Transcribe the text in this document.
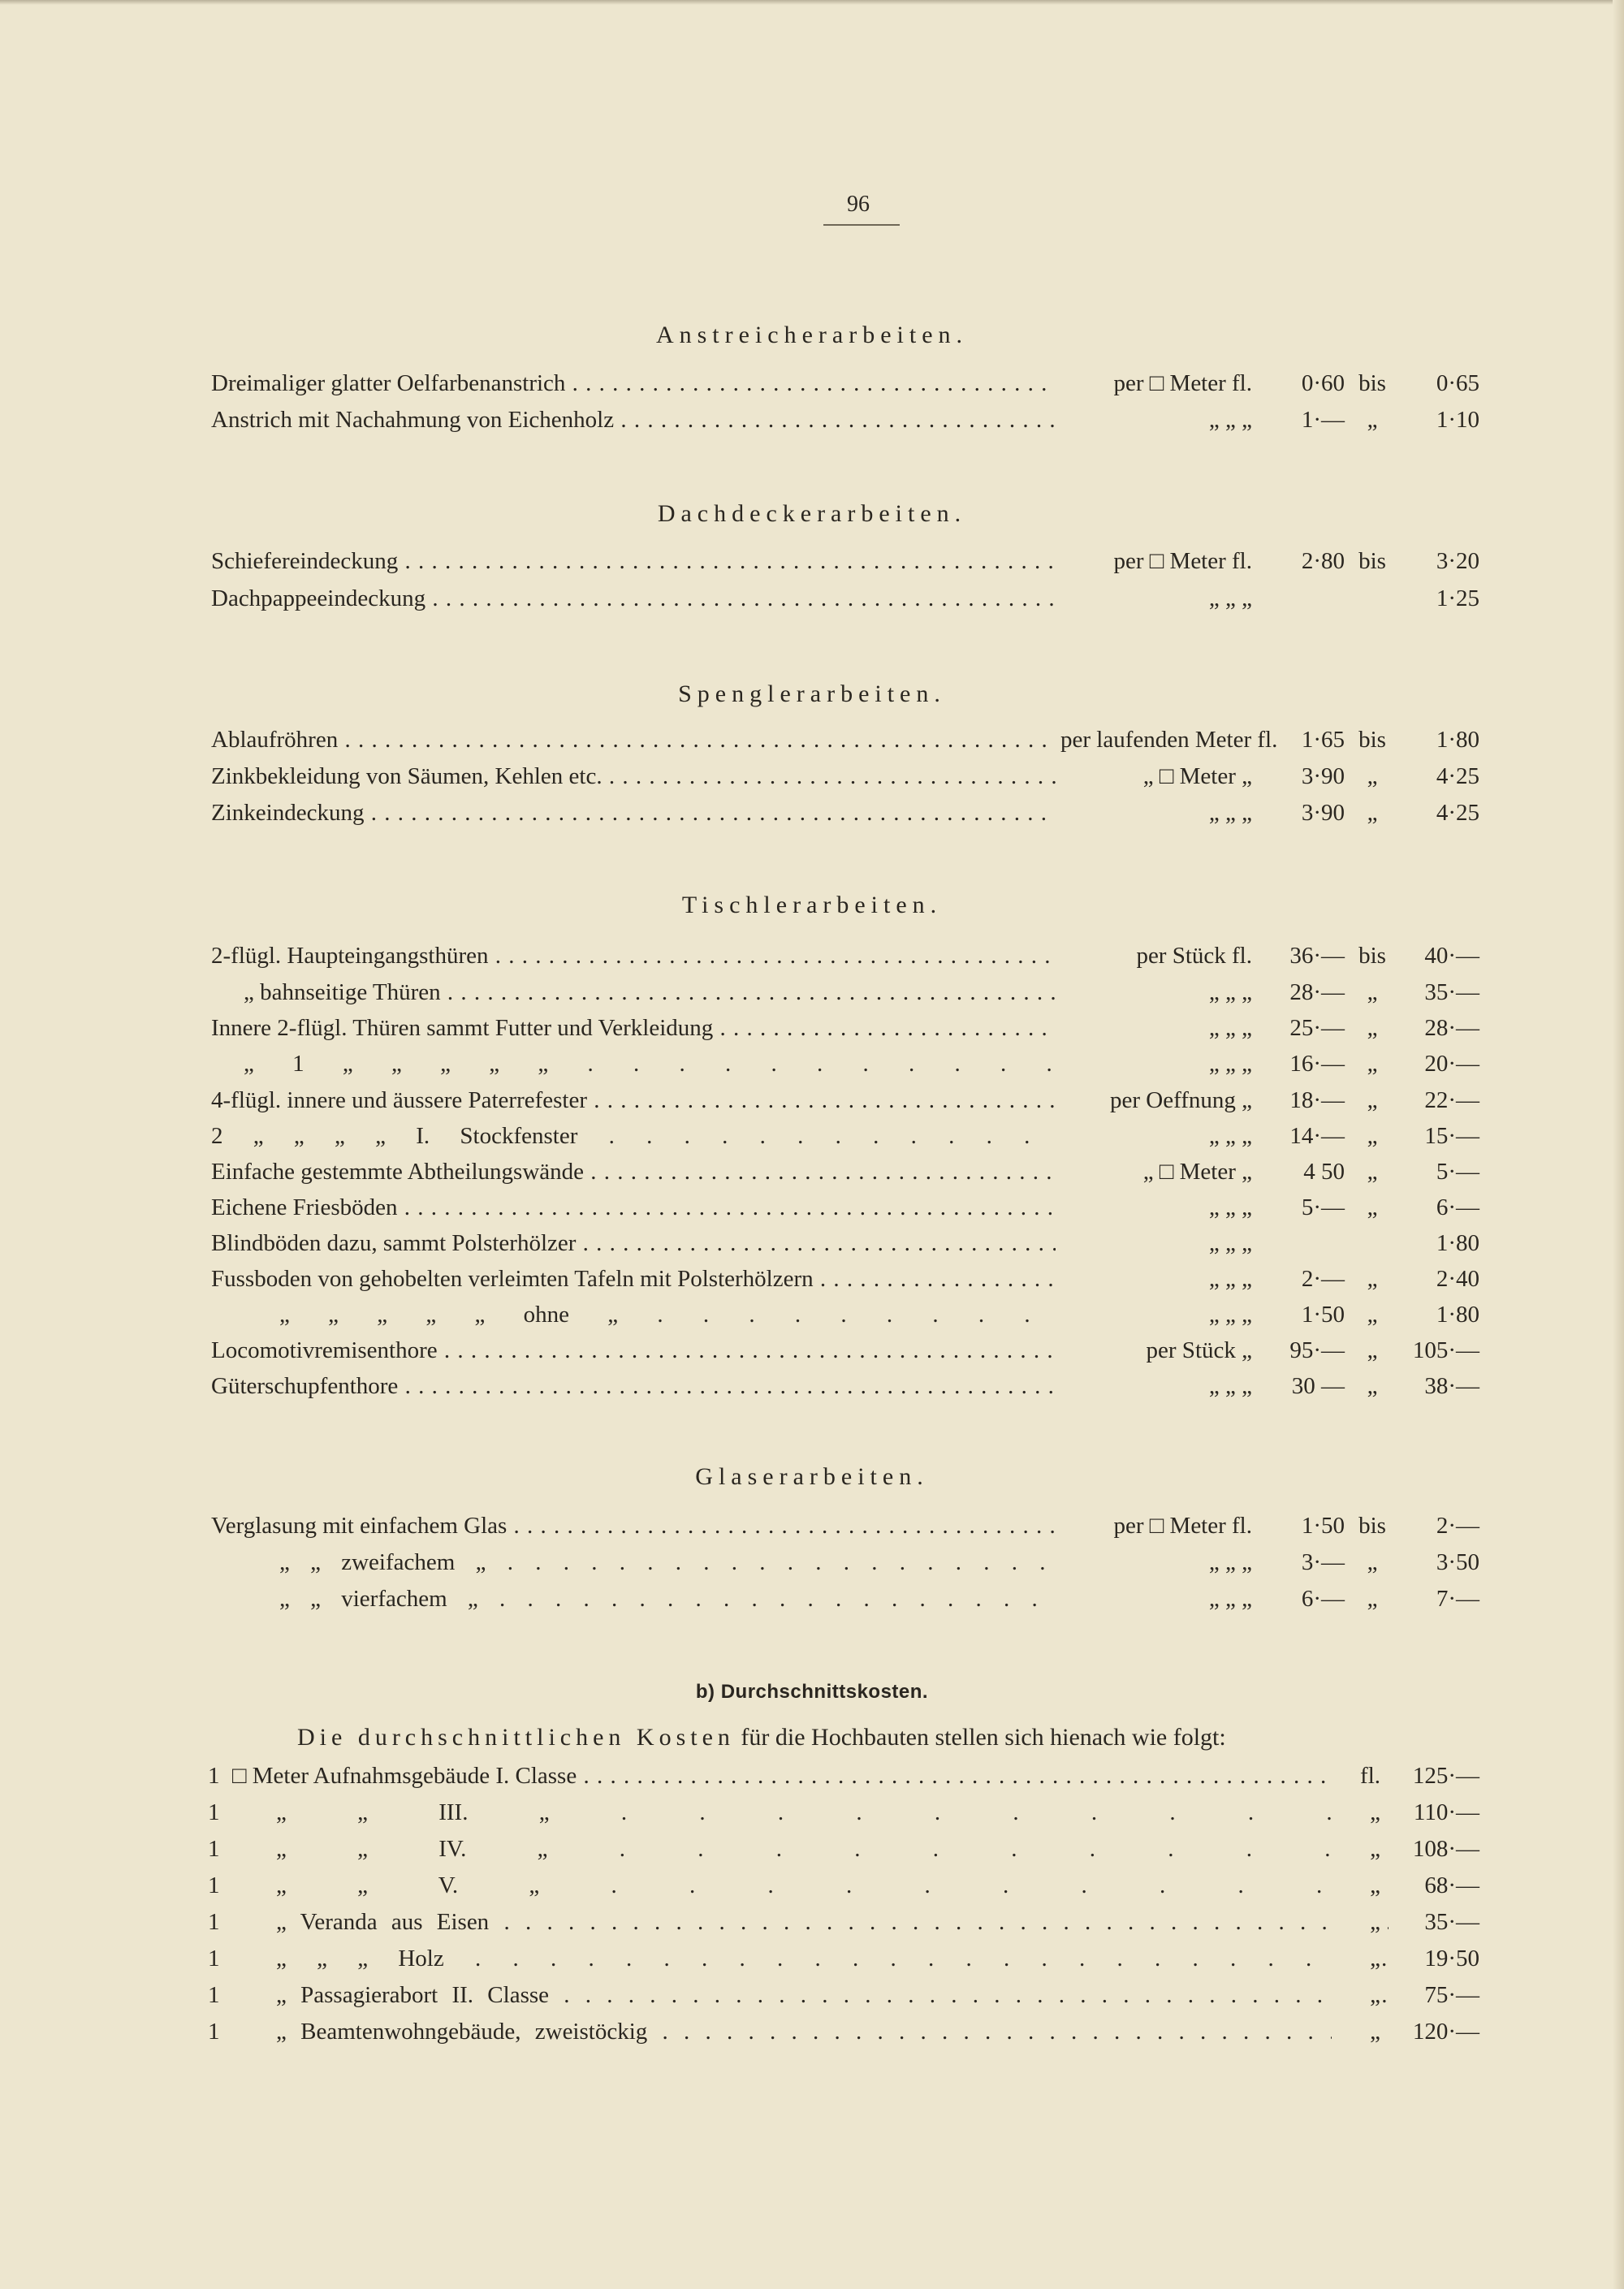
96
Anstreicherarbeiten.
Dreimaliger glatter Oelfarbenanstrich . . .	per □ Meter fl.	0·60 bis	0·65
Anstrich mit Nachahmung von Eichenholz . . .	„ „ „	1·— „	1·10
Dachdeckerarbeiten.
Schiefereindeckung . . .	per □ Meter fl.	2·80 bis	3·20
Dachpappeeindeckung . . .	„ „ „	1·25
Spenglerarbeiten.
Ablaufröhren . . .	per laufenden Meter fl.	1·65 bis	1·80
Zinkbekleidung von Säumen, Kehlen etc. . . .	„ □ Meter „	3·90 „	4·25
Zinkeindeckung . . .	„ „ „	3·90 „	4·25
Tischlerarbeiten.
2-flügl. Haupteingangsthüren . . .	per Stück fl.	36·— bis	40·—
„ bahnseitige Thüren . . .	„ „ „	28·— „	35·—
Innere 2-flügl. Thüren sammt Futter und Verkleidung . . .	„ „ „	25·— „	28·—
„ 1 „ „ „ „ „ . . .	„ „ „	16·— „	20·—
4-flügl. innere und äussere Paterrefester . . .	per Oeffnung „	18·— „	22·—
2 „ „ „ „ I. Stockfenster . . .	„ „ „	14·— „	15·—
Einfache gestemmte Abtheilungswände . . .	„ □ Meter „	4 50 „	5·—
Eichene Friesböden . . .	„ „ „	5·— „	6·—
Blindböden dazu, sammt Polsterhölzer . . .	„ „ „	1·80
Fussboden von gehobelten verleimten Tafeln mit Polsterhölzern . . .	„ „ „	2·— „	2·40
„ „ „ „ „ ohne „ . . .	„ „ „	1·50 „	1·80
Locomotivremisenthore . . .	per Stück „	95·— „	105·—
Güterschupfenthore . . .	„ „ „	30 — „	38·—
Glaserarbeiten.
Verglasung mit einfachem Glas . . .	per □ Meter fl.	1·50 bis	2·—
„ „ zweifachem „ . . .	„ „ „	3·— „	3·50
„ „ vierfachem „ . . .	„ „ „	6·— „	7·—
b) Durchschnittskosten.
Die durchschnittlichen Kosten für die Hochbauten stellen sich hienach wie folgt:
1 □ Meter Aufnahmsgebäude I. Classe . . .	fl.	125·—
1	„ „ III. „ . . .	„	110·—
1	„ „ IV. „ . . .	„	108·—
1	„ „ V. „ . . .	„	68·—
1	„ Veranda aus Eisen . . .	„	35·—
1	„ „ „ Holz . . .	„	19·50
1	„ Passagierabort II. Classe . . .	„	75·—
1	„ Beamtenwohngebäude, zweistöckig . . .	„	120·—
